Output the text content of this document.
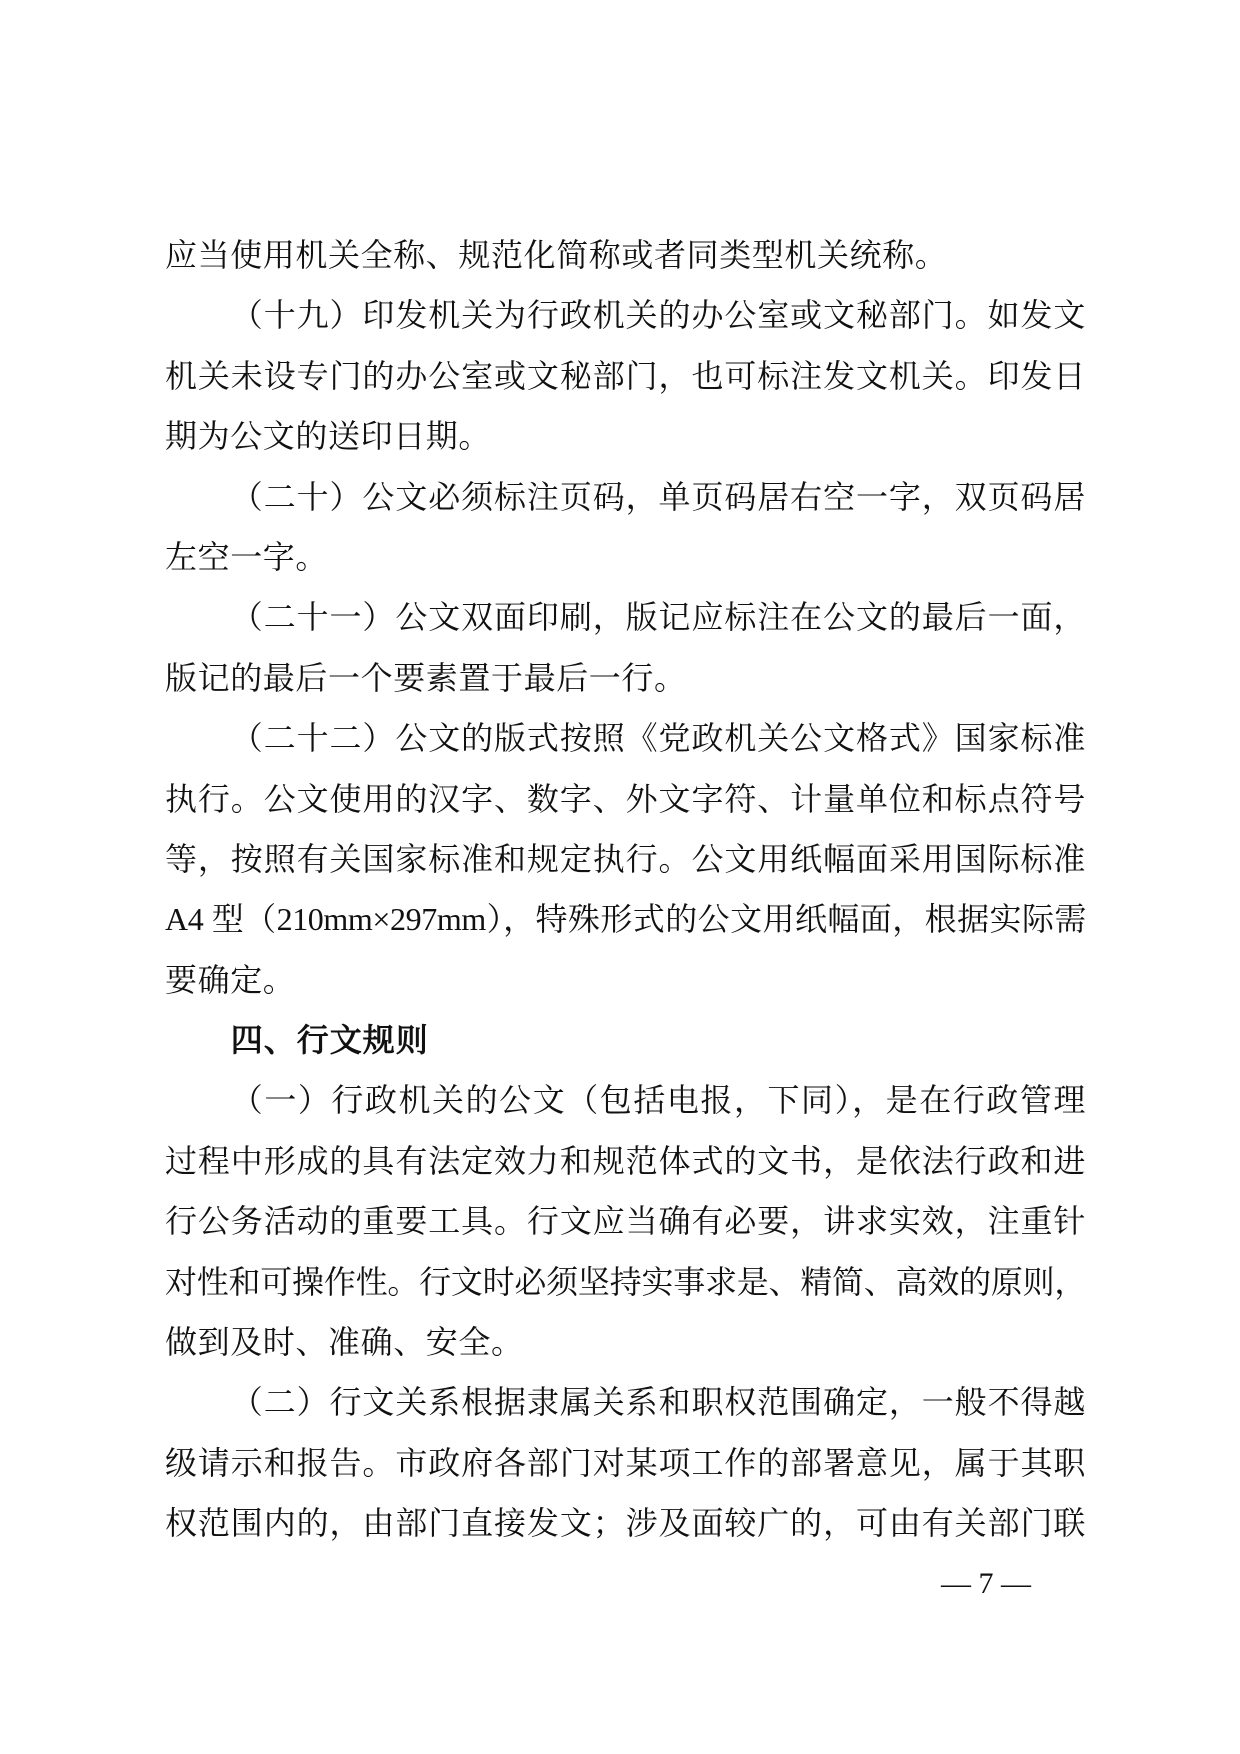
应当使用机关全称、规范化简称或者同类型机关统称。
（十九）印发机关为行政机关的办公室或文秘部门。如发文
机关未设专门的办公室或文秘部门，也可标注发文机关。印发日
期为公文的送印日期。
（二十）公文必须标注页码，单页码居右空一字，双页码居
左空一字。
（二十一）公文双面印刷，版记应标注在公文的最后一面，
版记的最后一个要素置于最后一行。
（二十二）公文的版式按照《党政机关公文格式》国家标准
执行。公文使用的汉字、数字、外文字符、计量单位和标点符号
等，按照有关国家标准和规定执行。公文用纸幅面采用国际标准
A4 型（210mm×297mm），特殊形式的公文用纸幅面，根据实际需
要确定。
四、行文规则
（一）行政机关的公文（包括电报，下同），是在行政管理
过程中形成的具有法定效力和规范体式的文书，是依法行政和进
行公务活动的重要工具。行文应当确有必要，讲求实效，注重针
对性和可操作性。行文时必须坚持实事求是、精简、高效的原则，
做到及时、准确、安全。
（二）行文关系根据隶属关系和职权范围确定，一般不得越
级请示和报告。市政府各部门对某项工作的部署意见，属于其职
权范围内的，由部门直接发文；涉及面较广的，可由有关部门联
— 7 —
